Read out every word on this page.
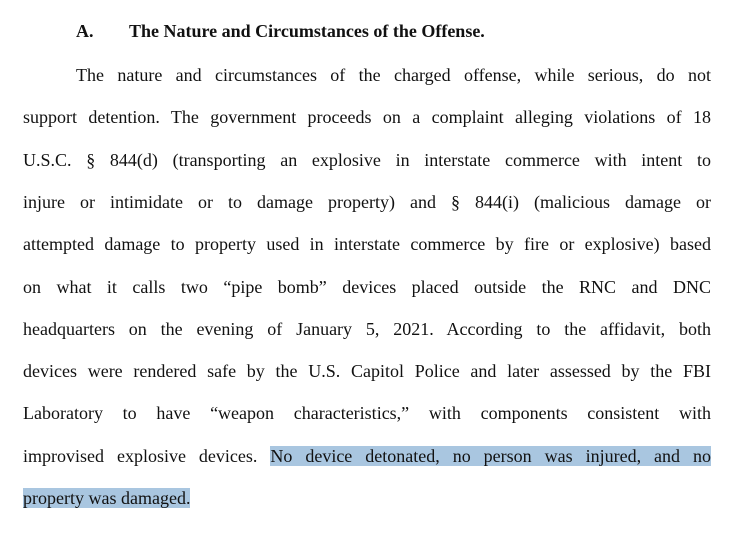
A. The Nature and Circumstances of the Offense.
The nature and circumstances of the charged offense, while serious, do not
support detention. The government proceeds on a complaint alleging violations of 18
U.S.C. § 844(d) (transporting an explosive in interstate commerce with intent to
injure or intimidate or to damage property) and § 844(i) (malicious damage or
attempted damage to property used in interstate commerce by fire or explosive) based
on what it calls two “pipe bomb” devices placed outside the RNC and DNC
headquarters on the evening of January 5, 2021. According to the affidavit, both
devices were rendered safe by the U.S. Capitol Police and later assessed by the FBI
Laboratory to have “weapon characteristics,” with components consistent with
improvised explosive devices. No device detonated, no person was injured, and no
property was damaged.
